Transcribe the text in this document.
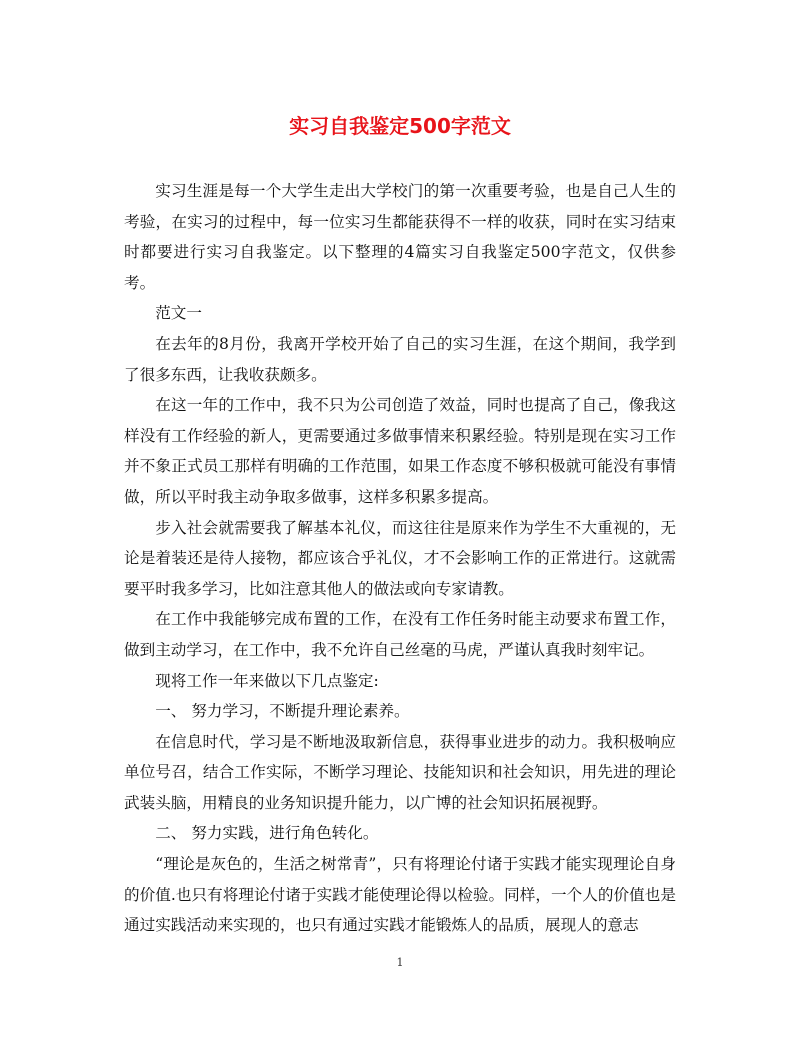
实习自我鉴定500字范文

实习生涯是每一个大学生走出大学校门的第一次重要考验，也是自己人生的考验，在实习的过程中，每一位实习生都能获得不一样的收获，同时在实习结束时都要进行实习自我鉴定。以下整理的4篇实习自我鉴定500字范文，仅供参考。

范文一

在去年的8月份，我离开学校开始了自己的实习生涯，在这个期间，我学到了很多东西，让我收获颇多。

在这一年的工作中，我不只为公司创造了效益，同时也提高了自己，像我这样没有工作经验的新人，更需要通过多做事情来积累经验。特别是现在实习工作并不象正式员工那样有明确的工作范围，如果工作态度不够积极就可能没有事情做，所以平时我主动争取多做事，这样多积累多提高。

步入社会就需要我了解基本礼仪，而这往往是原来作为学生不大重视的，无论是着装还是待人接物，都应该合乎礼仪，才不会影响工作的正常进行。这就需要平时我多学习，比如注意其他人的做法或向专家请教。

在工作中我能够完成布置的工作，在没有工作任务时能主动要求布置工作，做到主动学习，在工作中，我不允许自己丝毫的马虎，严谨认真我时刻牢记。

现将工作一年来做以下几点鉴定:

一、 努力学习，不断提升理论素养。

在信息时代，学习是不断地汲取新信息，获得事业进步的动力。我积极响应单位号召，结合工作实际，不断学习理论、技能知识和社会知识，用先进的理论武装头脑，用精良的业务知识提升能力，以广博的社会知识拓展视野。

二、 努力实践，进行角色转化。

“理论是灰色的，生活之树常青”，只有将理论付诸于实践才能实现理论自身的价值.也只有将理论付诸于实践才能使理论得以检验。同样，一个人的价值也是通过实践活动来实现的，也只有通过实践才能锻炼人的品质，展现人的意志

1
